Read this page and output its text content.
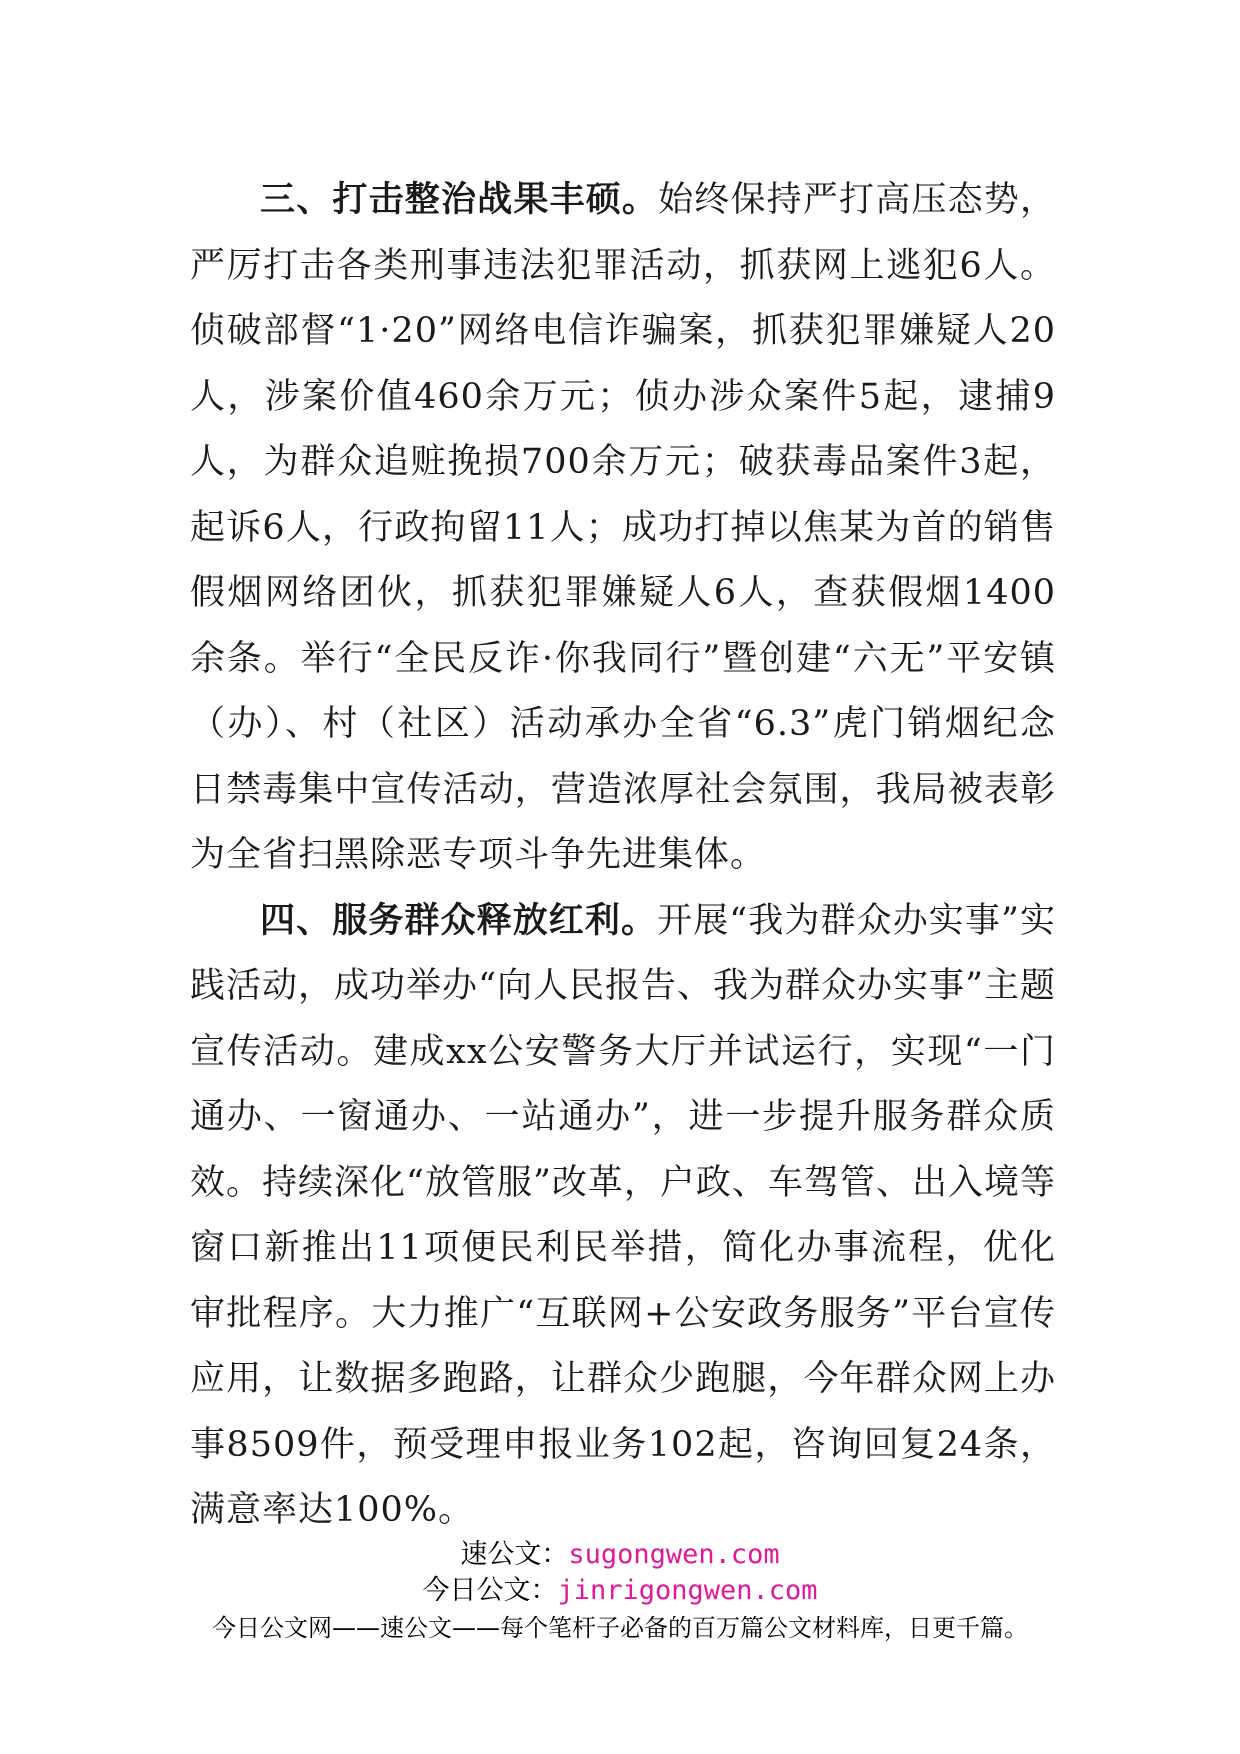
三、打击整治战果丰硕。始终保持严打高压态势，严厉打击各类刑事违法犯罪活动，抓获网上逃犯6人。侦破部督“1·20”网络电信诈骗案，抓获犯罪嫌疑人20人，涉案价值460余万元；侦办涉众案件5起，逮捕9人，为群众追赃挽损700余万元；破获毒品案件3起，起诉6人，行政拘留11人；成功打掉以焦某为首的销售假烟网络团伙，抓获犯罪嫌疑人6人，查获假烟1400余条。举行“全民反诈·你我同行”暨创建“六无”平安镇（办）、村（社区）活动承办全省“6.3”虎门销烟纪念日禁毒集中宣传活动，营造浓厚社会氛围，我局被表彰为全省扫黑除恶专项斗争先进集体。

四、服务群众释放红利。开展“我为群众办实事”实践活动，成功举办“向人民报告、我为群众办实事”主题宣传活动。建成xx公安警务大厅并试运行，实现“一门通办、一窗通办、一站通办”，进一步提升服务群众质效。持续深化“放管服”改革，户政、车驾管、出入境等窗口新推出11项便民利民举措，简化办事流程，优化审批程序。大力推广“互联网+公安政务服务”平台宣传应用，让数据多跑路，让群众少跑腿，今年群众网上办事8509件，预受理申报业务102起，咨询回复24条，满意率达100%。

速公文：sugongwen.com
今日公文：jinrigongwen.com
今日公文网——速公文——每个笔杆子必备的百万篇公文材料库，日更千篇。
